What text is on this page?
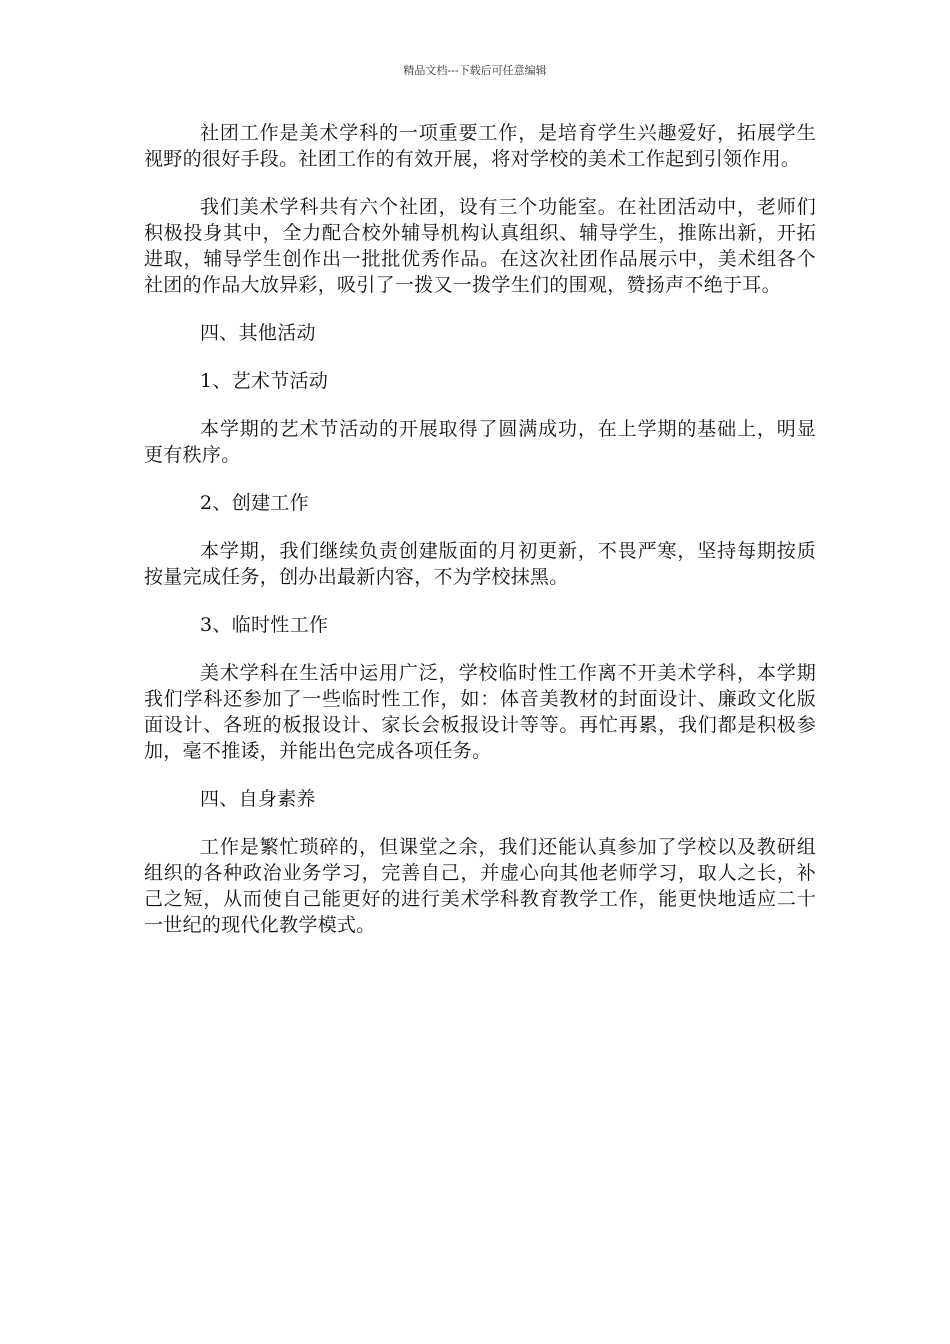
精品文档---下载后可任意编辑

社团工作是美术学科的一项重要工作，是培育学生兴趣爱好，拓展学生视野的很好手段。社团工作的有效开展，将对学校的美术工作起到引领作用。

我们美术学科共有六个社团，设有三个功能室。在社团活动中，老师们积极投身其中，全力配合校外辅导机构认真组织、辅导学生，推陈出新，开拓进取，辅导学生创作出一批批优秀作品。在这次社团作品展示中，美术组各个社团的作品大放异彩，吸引了一拨又一拨学生们的围观，赞扬声不绝于耳。

四、其他活动

1、艺术节活动

本学期的艺术节活动的开展取得了圆满成功，在上学期的基础上，明显更有秩序。

2、创建工作

本学期，我们继续负责创建版面的月初更新，不畏严寒，坚持每期按质按量完成任务，创办出最新内容，不为学校抹黑。

3、临时性工作

美术学科在生活中运用广泛，学校临时性工作离不开美术学科，本学期我们学科还参加了一些临时性工作，如：体音美教材的封面设计、廉政文化版面设计、各班的板报设计、家长会板报设计等等。再忙再累，我们都是积极参加，毫不推诿，并能出色完成各项任务。

四、自身素养

工作是繁忙琐碎的，但课堂之余，我们还能认真参加了学校以及教研组组织的各种政治业务学习，完善自己，并虚心向其他老师学习，取人之长，补己之短，从而使自己能更好的进行美术学科教育教学工作，能更快地适应二十一世纪的现代化教学模式。
